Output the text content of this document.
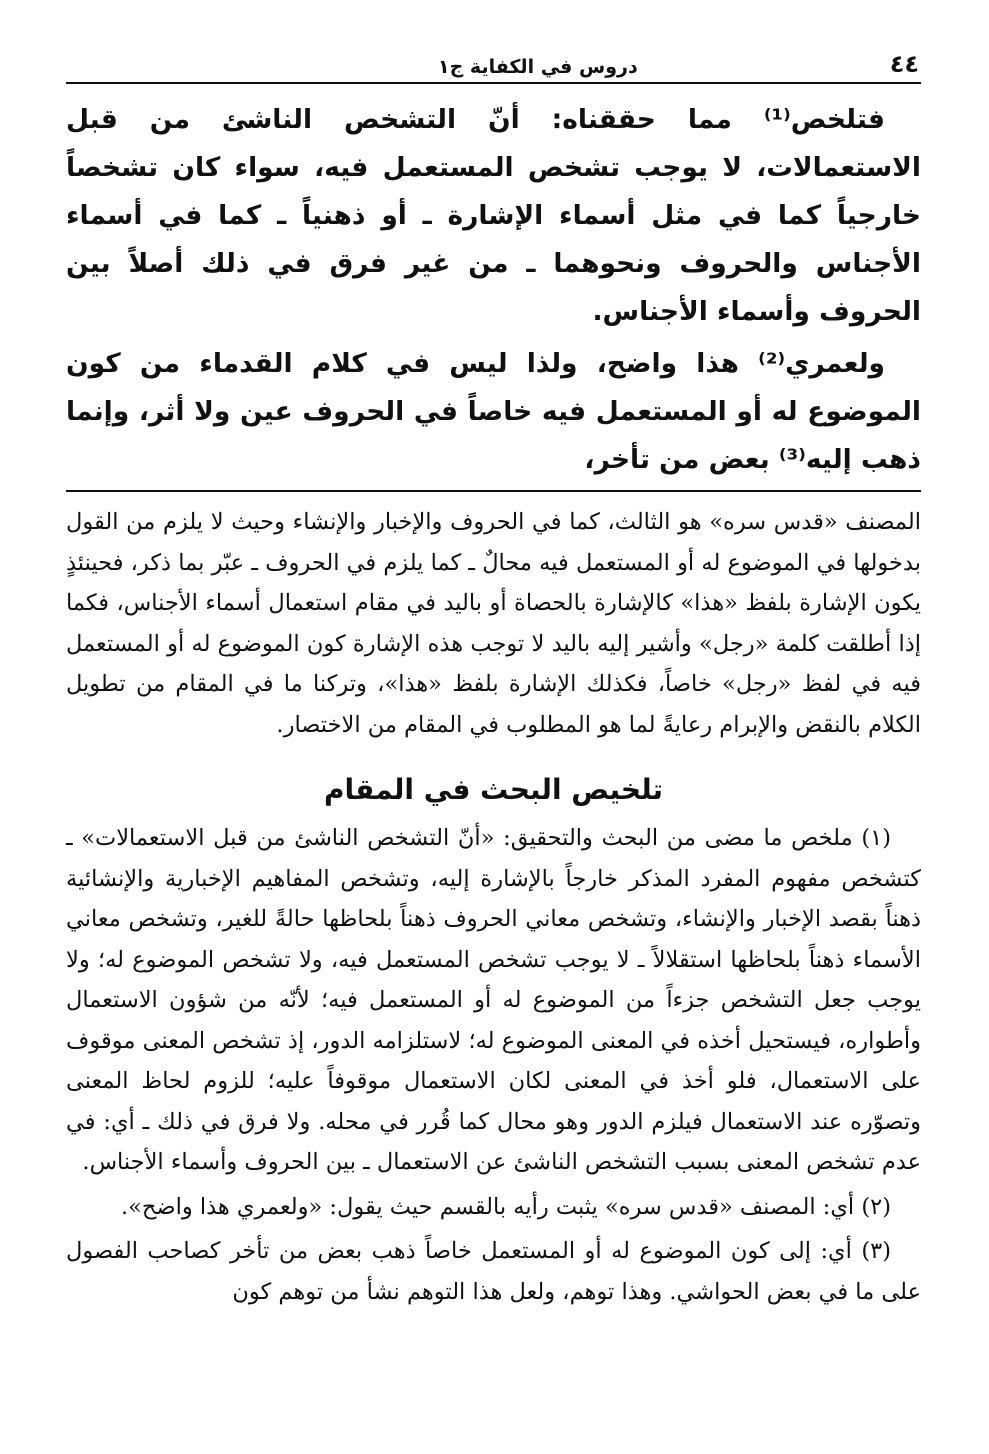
٤٤
دروس في الكفاية ج١

فتلخص⁽¹⁾ مما حققناه: أنّ التشخص الناشئ من قبل الاستعمالات، لا يوجب تشخص المستعمل فيه، سواء كان تشخصاً خارجياً كما في مثل أسماء الإشارة ـ أو ذهنياً ـ كما في أسماء الأجناس والحروف ونحوهما ـ من غير فرق في ذلك أصلاً بين الحروف وأسماء الأجناس.

ولعمري⁽²⁾ هذا واضح، ولذا ليس في كلام القدماء من كون الموضوع له أو المستعمل فيه خاصاً في الحروف عين ولا أثر، وإنما ذهب إليه⁽³⁾ بعض من تأخر،

المصنف «قدس سره» هو الثالث، كما في الحروف والإخبار والإنشاء وحيث لا يلزم من القول بدخولها في الموضوع له أو المستعمل فيه محالٌ ـ كما يلزم في الحروف ـ عبّر بما ذكر، فحينئذٍ يكون الإشارة بلفظ «هذا» كالإشارة بالحصاة أو باليد في مقام استعمال أسماء الأجناس، فكما إذا أطلقت كلمة «رجل» وأشير إليه باليد لا توجب هذه الإشارة كون الموضوع له أو المستعمل فيه في لفظ «رجل» خاصاً، فكذلك الإشارة بلفظ «هذا»، وتركنا ما في المقام من تطويل الكلام بالنقض والإبرام رعايةً لما هو المطلوب في المقام من الاختصار.

تلخيص البحث في المقام

(١) ملخص ما مضى من البحث والتحقيق: «أنّ التشخص الناشئ من قبل الاستعمالات» ـ كتشخص مفهوم المفرد المذكر خارجاً بالإشارة إليه، وتشخص المفاهيم الإخبارية والإنشائية ذهناً بقصد الإخبار والإنشاء، وتشخص معاني الحروف ذهناً بلحاظها حالةً للغير، وتشخص معاني الأسماء ذهناً بلحاظها استقلالاً ـ لا يوجب تشخص المستعمل فيه، ولا تشخص الموضوع له؛ ولا يوجب جعل التشخص جزءاً من الموضوع له أو المستعمل فيه؛ لأنّه من شؤون الاستعمال وأطواره، فيستحيل أخذه في المعنى الموضوع له؛ لاستلزامه الدور، إذ تشخص المعنى موقوف على الاستعمال، فلو أخذ في المعنى لكان الاستعمال موقوفاً عليه؛ للزوم لحاظ المعنى وتصوّره عند الاستعمال فيلزم الدور وهو محال كما قُرر في محله. ولا فرق في ذلك ـ أي: في عدم تشخص المعنى بسبب التشخص الناشئ عن الاستعمال ـ بين الحروف وأسماء الأجناس.

(٢) أي: المصنف «قدس سره» يثبت رأيه بالقسم حيث يقول: «ولعمري هذا واضح».

(٣) أي: إلى كون الموضوع له أو المستعمل خاصاً ذهب بعض من تأخر كصاحب الفصول على ما في بعض الحواشي. وهذا توهم، ولعل هذا التوهم نشأ من توهم كون
